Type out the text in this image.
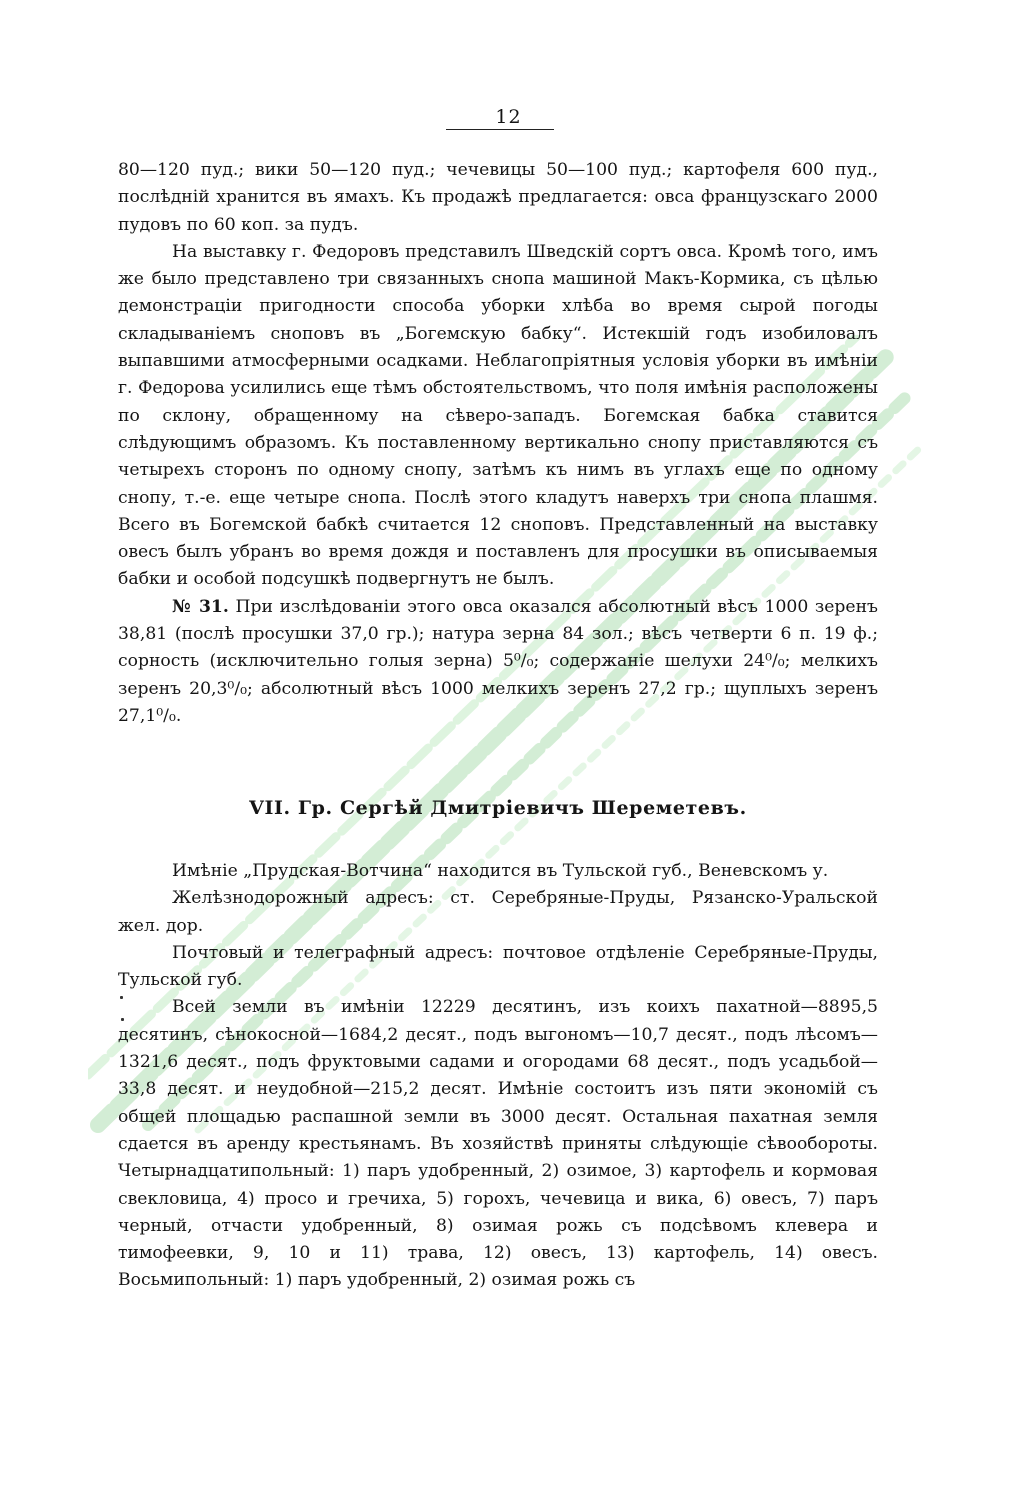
12

80—120 пуд.; вики 50—120 пуд.; чечевицы 50—100 пуд.; картофеля 600 пуд., послѣдній хранится въ ямахъ. Къ продажѣ предлагается: овса французскаго 2000 пудовъ по 60 коп. за пудъ.

На выставку г. Федоровъ представилъ Шведскій сортъ овса. Кромѣ того, имъ же было представлено три связанныхъ снопа машиной Макъ-Кормика, съ цѣлью демонстраціи пригодности способа уборки хлѣба во время сырой погоды складываніемъ сноповъ въ „Богемскую бабку“. Истекшій годъ изобиловалъ выпавшими атмосферными осадками. Неблагопріятныя условія уборки въ имѣніи г. Федорова усилились еще тѣмъ обстоятельствомъ, что поля имѣнія расположены по склону, обращенному на сѣверо-западъ. Богемская бабка ставится слѣдующимъ образомъ. Къ поставленному вертикально снопу приставляются съ четырехъ сторонъ по одному снопу, затѣмъ къ нимъ въ углахъ еще по одному снопу, т.-е. еще четыре снопа. Послѣ этого кладутъ наверхъ три снопа плашмя. Всего въ Богемской бабкѣ считается 12 сноповъ. Представленный на выставку овесъ былъ убранъ во время дождя и поставленъ для просушки въ описываемыя бабки и особой подсушкѣ подвергнутъ не былъ.

№ 31. При изслѣдованіи этого овса оказался абсолютный вѣсъ 1000 зеренъ 38,81 (послѣ просушки 37,0 гр.); натура зерна 84 зол.; вѣсъ четверти 6 п. 19 ф.; сорность (исключительно голыя зерна) 5⁰/₀; содержаніе шелухи 24⁰/₀; мелкихъ зеренъ 20,3⁰/₀; абсолютный вѣсъ 1000 мелкихъ зеренъ 27,2 гр.; щуплыхъ зеренъ 27,1⁰/₀.

VII. Гр. Сергѣй Дмитріевичъ Шереметевъ.

Имѣніе „Прудская-Вотчина“ находится въ Тульской губ., Веневскомъ у.

Желѣзнодорожный адресъ: ст. Серебряные-Пруды, Рязанско-Уральской жел. дор.

Почтовый и телеграфный адресъ: почтовое отдѣленіе Серебряные-Пруды, Тульской губ.

Всей земли въ имѣніи 12229 десятинъ, изъ коихъ пахатной—8895,5 десятинъ, сѣнокосной—1684,2 десят., подъ выгономъ—10,7 десят., подъ лѣсомъ—1321,6 десят., подъ фруктовыми садами и огородами 68 десят., подъ усадьбой—33,8 десят. и неудобной—215,2 десят. Имѣніе состоитъ изъ пяти экономій съ общей площадью распашной земли въ 3000 десят. Остальная пахатная земля сдается въ аренду крестьянамъ. Въ хозяйствѣ приняты слѣдующіе сѣвообороты. Четырнадцатипольный: 1) паръ удобренный, 2) озимое, 3) картофель и кормовая свекловица, 4) просо и гречиха, 5) горохъ, чечевица и вика, 6) овесъ, 7) паръ черный, отчасти удобренный, 8) озимая рожь съ подсѣвомъ клевера и тимофеевки, 9, 10 и 11) трава, 12) овесъ, 13) картофель, 14) овесъ. Восьмипольный: 1) паръ удобренный, 2) озимая рожь съ
